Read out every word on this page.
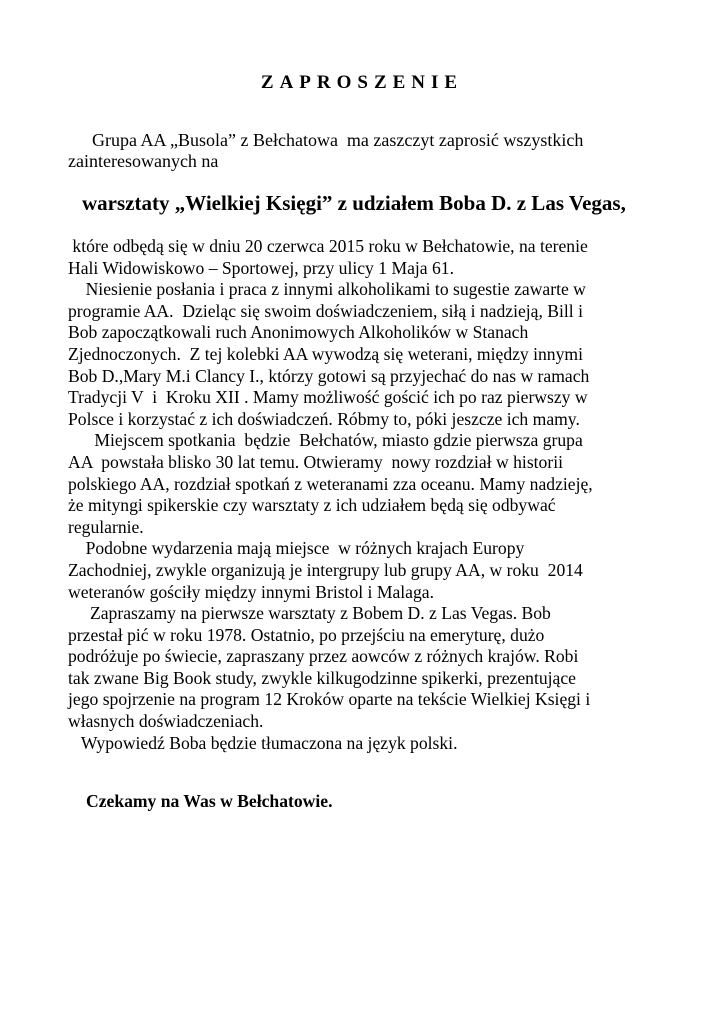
ZAPROSZENIE
Grupa AA „Busola” z Bełchatowa  ma zaszczyt zaprosić wszystkich
zainteresowanych na
warsztaty „Wielkiej Księgi” z udziałem Boba D. z Las Vegas,
które odbędą się w dniu 20 czerwca 2015 roku w Bełchatowie, na terenie
Hali Widowiskowo – Sportowej, przy ulicy 1 Maja 61.
Niesienie posłania i praca z innymi alkoholikami to sugestie zawarte w
programie AA.  Dzieląc się swoim doświadczeniem, siłą i nadzieją, Bill i
Bob zapoczątkowali ruch Anonimowych Alkoholików w Stanach
Zjednoczonych.  Z tej kolebki AA wywodzą się weterani, między innymi
Bob D.,Mary M.i Clancy I., którzy gotowi są przyjechać do nas w ramach
Tradycji V  i  Kroku XII . Mamy możliwość gościć ich po raz pierwszy w
Polsce i korzystać z ich doświadczeń. Róbmy to, póki jeszcze ich mamy.
Miejscem spotkania  będzie  Bełchatów, miasto gdzie pierwsza grupa
AA  powstała blisko 30 lat temu. Otwieramy  nowy rozdział w historii
polskiego AA, rozdział spotkań z weteranami zza oceanu. Mamy nadzieję,
że mityngi spikerskie czy warsztaty z ich udziałem będą się odbywać
regularnie.
Podobne wydarzenia mają miejsce  w różnych krajach Europy
Zachodniej, zwykle organizują je intergrupy lub grupy AA, w roku  2014
weteranów gościły między innymi Bristol i Malaga.
Zapraszamy na pierwsze warsztaty z Bobem D. z Las Vegas. Bob
przestał pić w roku 1978. Ostatnio, po przejściu na emeryturę, dużo
podróżuje po świecie, zapraszany przez aowców z różnych krajów. Robi
tak zwane Big Book study, zwykle kilkugodzinne spikerki, prezentujące
jego spojrzenie na program 12 Kroków oparte na tekście Wielkiej Księgi i
własnych doświadczeniach.
Wypowiedź Boba będzie tłumaczona na język polski.
Czekamy na Was w Bełchatowie.
